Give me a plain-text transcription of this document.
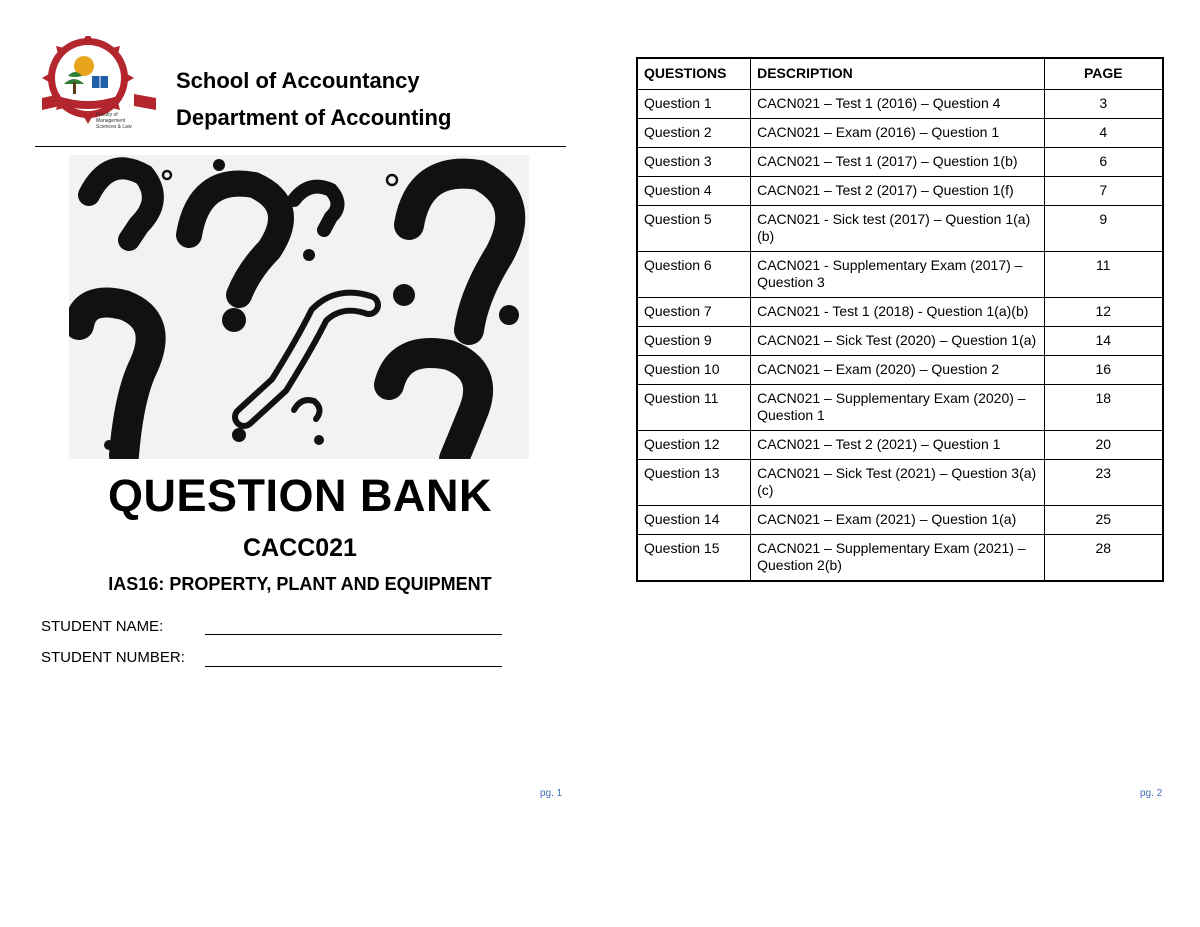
Faculty of
Management
Sciences & Law
School of Accountancy
Department of Accounting
QUESTION BANK
CACC021
IAS16: PROPERTY, PLANT AND EQUIPMENT
STUDENT NAME:
STUDENT NUMBER:
pg. 1
QUESTIONS	DESCRIPTION	PAGE
Question 1	CACN021 – Test 1 (2016) – Question 4	3
Question 2	CACN021 – Exam (2016) – Question 1	4
Question 3	CACN021 – Test 1 (2017) – Question 1(b)	6
Question 4	CACN021 – Test 2 (2017) – Question 1(f)	7
Question 5	CACN021 - Sick test (2017) – Question 1(a)(b)	9
Question 6	CACN021 - Supplementary Exam (2017) – Question 3	11
Question 7	CACN021 - Test 1 (2018) - Question 1(a)(b)	12
Question 9	CACN021 – Sick Test (2020) – Question 1(a)	14
Question 10	CACN021 – Exam (2020) – Question 2	16
Question 11	CACN021 – Supplementary Exam (2020) – Question 1	18
Question 12	CACN021 – Test 2 (2021) – Question 1	20
Question 13	CACN021 – Sick Test (2021) – Question 3(a)(c)	23
Question 14	CACN021 – Exam (2021) – Question 1(a)	25
Question 15	CACN021 – Supplementary Exam (2021) – Question 2(b)	28
pg. 2
